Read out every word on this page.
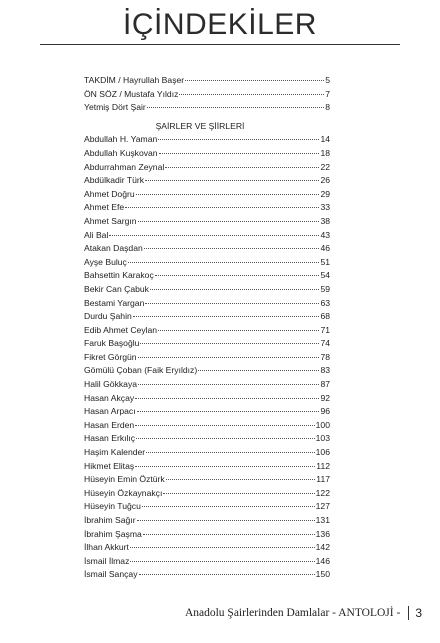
İÇİNDEKİLER
TAKDİM / Hayrullah Başer	5
ÖN SÖZ / Mustafa Yıldız	7
Yetmiş Dört Şair	8
ŞAİRLER VE ŞİİRLERİ
Abdullah H. Yaman	14
Abdullah Kuşkovan	18
Abdurrahman Zeynal	22
Abdülkadir Türk	26
Ahmet Doğru	29
Ahmet Efe	33
Ahmet Sargın	38
Ali Bal	43
Atakan Daşdan	46
Ayşe Buluç	51
Bahsettin Karakoç	54
Bekir Can Çabuk	59
Bestami Yargan	63
Durdu Şahin	68
Edib Ahmet Ceylan	71
Faruk Başoğlu	74
Fikret Görgün	78
Gömülü Çoban (Faik Eryıldız)	83
Halil Gökkaya	87
Hasan Akçay	92
Hasan Arpacı	96
Hasan Erden	100
Hasan Erkılıç	103
Haşim Kalender	106
Hikmet Elitaş	112
Hüseyin Emin Öztürk	117
Hüseyin Özkaynakçı	122
Hüseyin Tuğcu	127
İbrahim Sağır	131
İbrahim Şaşma	136
İlhan Akkurt	142
İsmail İlmaz	146
İsmail Sançay	150
Anadolu Şairlerinden Damlalar - ANTOLOJİ - 3
